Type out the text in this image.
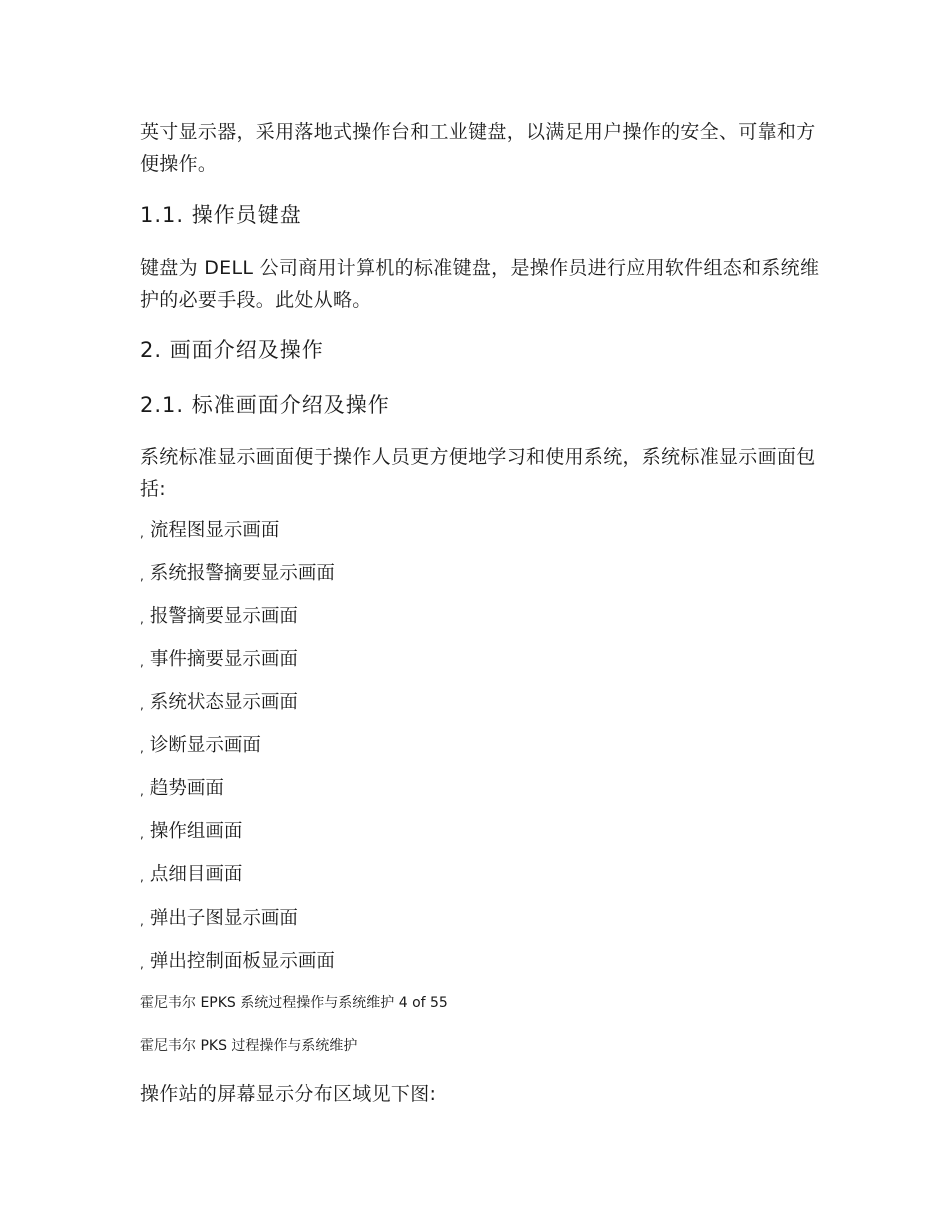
英寸显示器，采用落地式操作台和工业键盘，以满足用户操作的安全、可靠和方便操作。

1.1. 操作员键盘

键盘为 DELL 公司商用计算机的标准键盘，是操作员进行应用软件组态和系统维护的必要手段。此处从略。

2. 画面介绍及操作
2.1. 标准画面介绍及操作

系统标准显示画面便于操作人员更方便地学习和使用系统，系统标准显示画面包括:

, 流程图显示画面
, 系统报警摘要显示画面
, 报警摘要显示画面
, 事件摘要显示画面
, 系统状态显示画面
, 诊断显示画面
, 趋势画面
, 操作组画面
, 点细目画面
, 弹出子图显示画面
, 弹出控制面板显示画面
霍尼韦尔 EPKS 系统过程操作与系统维护 4 of 55
霍尼韦尔 PKS 过程操作与系统维护

操作站的屏幕显示分布区域见下图:
